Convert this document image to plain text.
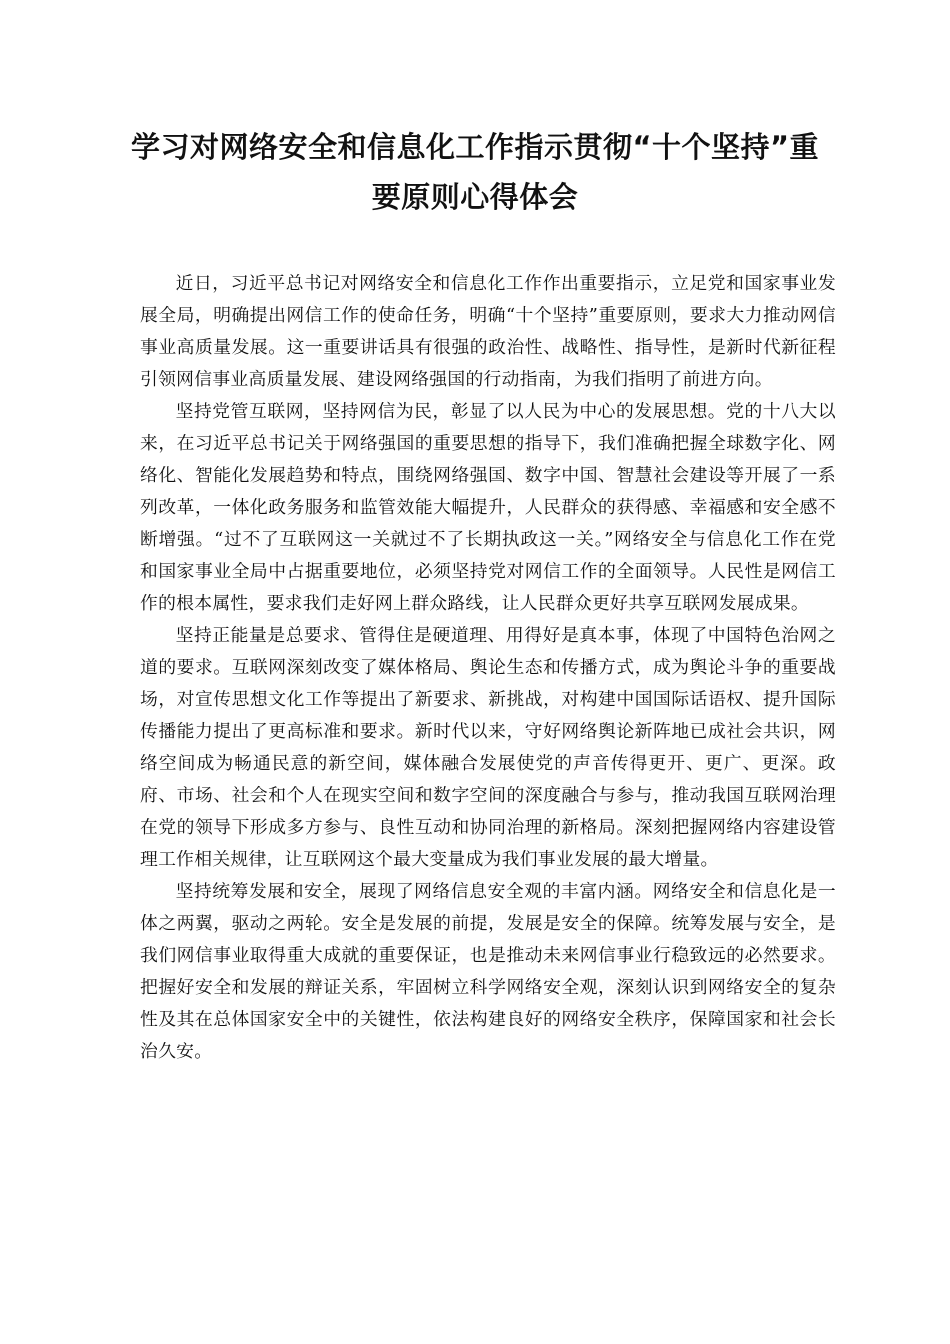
学习对网络安全和信息化工作指示贯彻“十个坚持”重要原则心得体会

近日，习近平总书记对网络安全和信息化工作作出重要指示，立足党和国家事业发展全局，明确提出网信工作的使命任务，明确“十个坚持”重要原则，要求大力推动网信事业高质量发展。这一重要讲话具有很强的政治性、战略性、指导性，是新时代新征程引领网信事业高质量发展、建设网络强国的行动指南，为我们指明了前进方向。

坚持党管互联网，坚持网信为民，彰显了以人民为中心的发展思想。党的十八大以来，在习近平总书记关于网络强国的重要思想的指导下，我们准确把握全球数字化、网络化、智能化发展趋势和特点，围绕网络强国、数字中国、智慧社会建设等开展了一系列改革，一体化政务服务和监管效能大幅提升，人民群众的获得感、幸福感和安全感不断增强。“过不了互联网这一关就过不了长期执政这一关。”网络安全与信息化工作在党和国家事业全局中占据重要地位，必须坚持党对网信工作的全面领导。人民性是网信工作的根本属性，要求我们走好网上群众路线，让人民群众更好共享互联网发展成果。

坚持正能量是总要求、管得住是硬道理、用得好是真本事，体现了中国特色治网之道的要求。互联网深刻改变了媒体格局、舆论生态和传播方式，成为舆论斗争的重要战场，对宣传思想文化工作等提出了新要求、新挑战，对构建中国国际话语权、提升国际传播能力提出了更高标准和要求。新时代以来，守好网络舆论新阵地已成社会共识，网络空间成为畅通民意的新空间，媒体融合发展使党的声音传得更开、更广、更深。政府、市场、社会和个人在现实空间和数字空间的深度融合与参与，推动我国互联网治理在党的领导下形成多方参与、良性互动和协同治理的新格局。深刻把握网络内容建设管理工作相关规律，让互联网这个最大变量成为我们事业发展的最大增量。

坚持统筹发展和安全，展现了网络信息安全观的丰富内涵。网络安全和信息化是一体之两翼，驱动之两轮。安全是发展的前提，发展是安全的保障。统筹发展与安全，是我们网信事业取得重大成就的重要保证，也是推动未来网信事业行稳致远的必然要求。把握好安全和发展的辩证关系，牢固树立科学网络安全观，深刻认识到网络安全的复杂性及其在总体国家安全中的关键性，依法构建良好的网络安全秩序，保障国家和社会长治久安。
